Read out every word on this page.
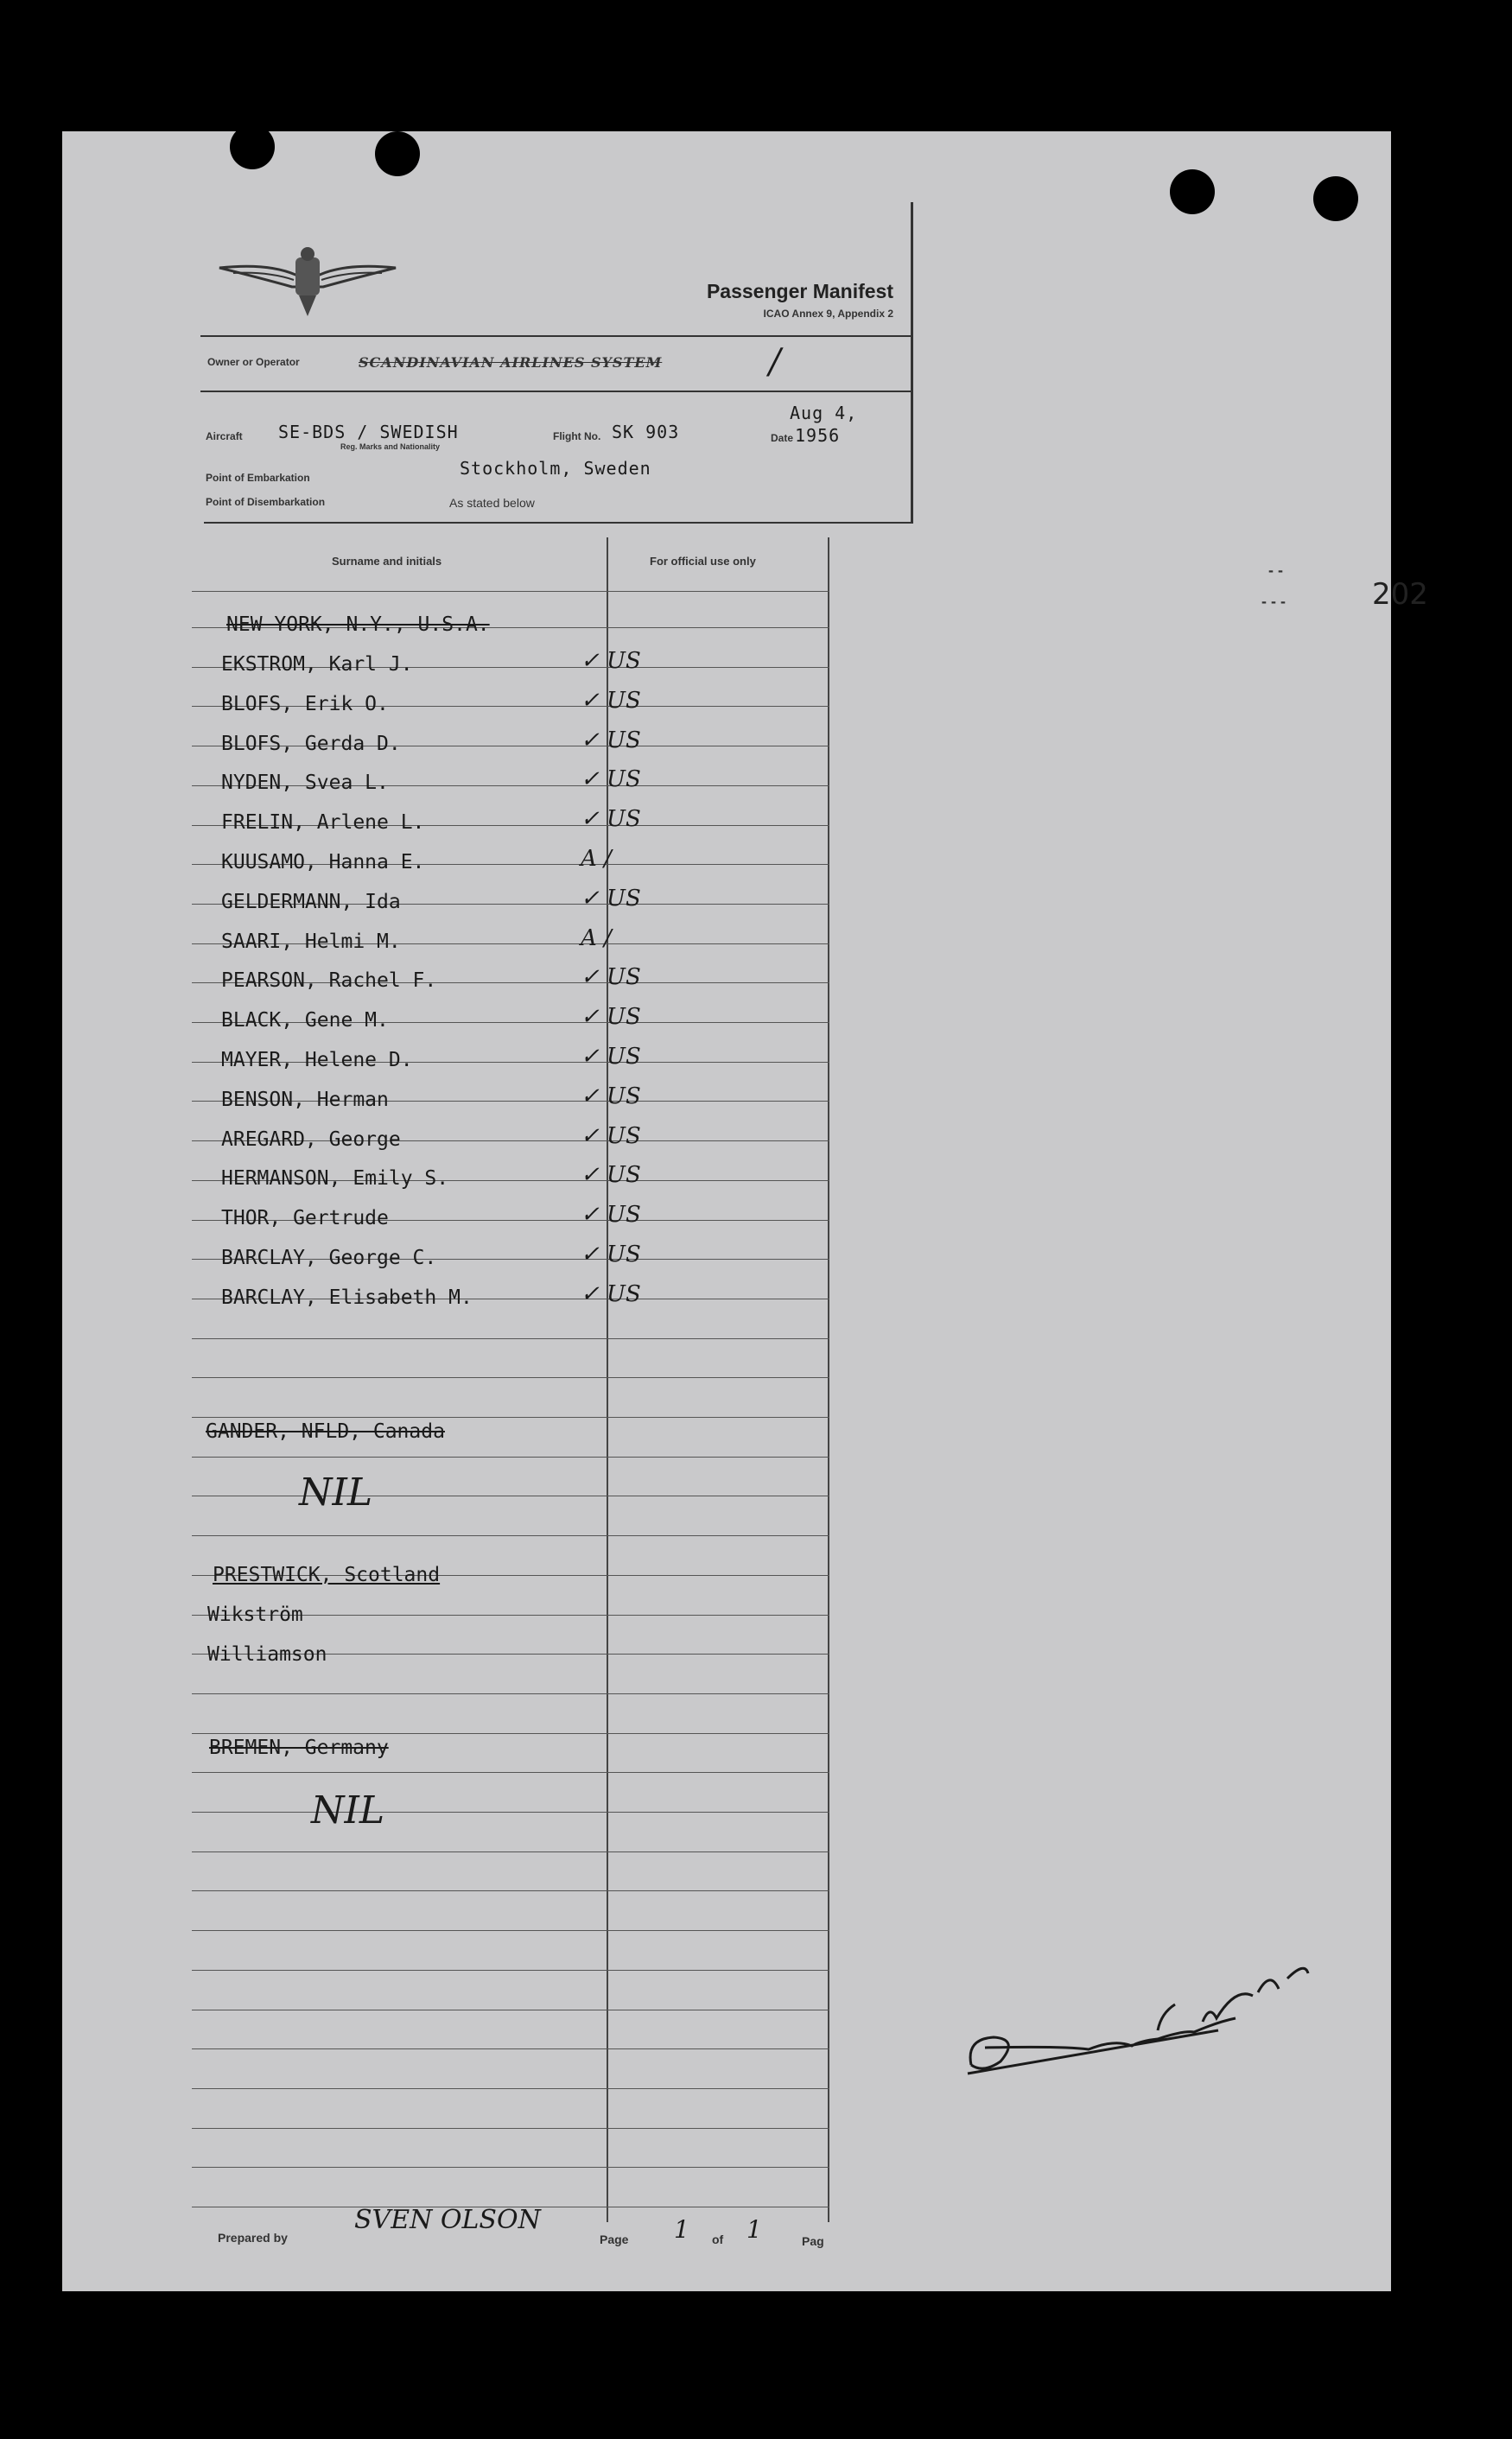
Passenger Manifest
ICAO Annex 9, Appendix 2
Owner or Operator	SCANDINAVIAN AIRLINES SYSTEM	/
Aircraft SE-BDS / SWEDISH
Reg. Marks and Nationality
Flight No. SK 903	Date
Aug 4,
1956
Point of Embarkation	Stockholm, Sweden
Point of Disembarkation	As stated below
- -
- - -	202
Surname and initials	For official use only
NEW YORK, N.Y., U.S.A.
EKSTROM, Karl J.	✓ US
BLOFS, Erik O.	✓ US
BLOFS, Gerda D.	✓ US
NYDEN, Svea L.	✓ US
FRELIN, Arlene L.	✓ US
KUUSAMO, Hanna E.	A /
GELDERMANN, Ida	✓ US
SAARI, Helmi M.	A /
PEARSON, Rachel F.	✓ US
BLACK, Gene M.	✓ US
MAYER, Helene D.	✓ US
BENSON, Herman	✓ US
AREGARD, George	✓ US
HERMANSON, Emily S.	✓ US
THOR, Gertrude	✓ US
BARCLAY, George C.	✓ US
BARCLAY, Elisabeth M.	✓ US
GANDER, NFLD, Canada
NIL
PRESTWICK, Scotland
Wikström
Williamson
BREMEN, Germany
NIL
Prepared by
SVEN OLSON
Page 1 of 1	Pag
